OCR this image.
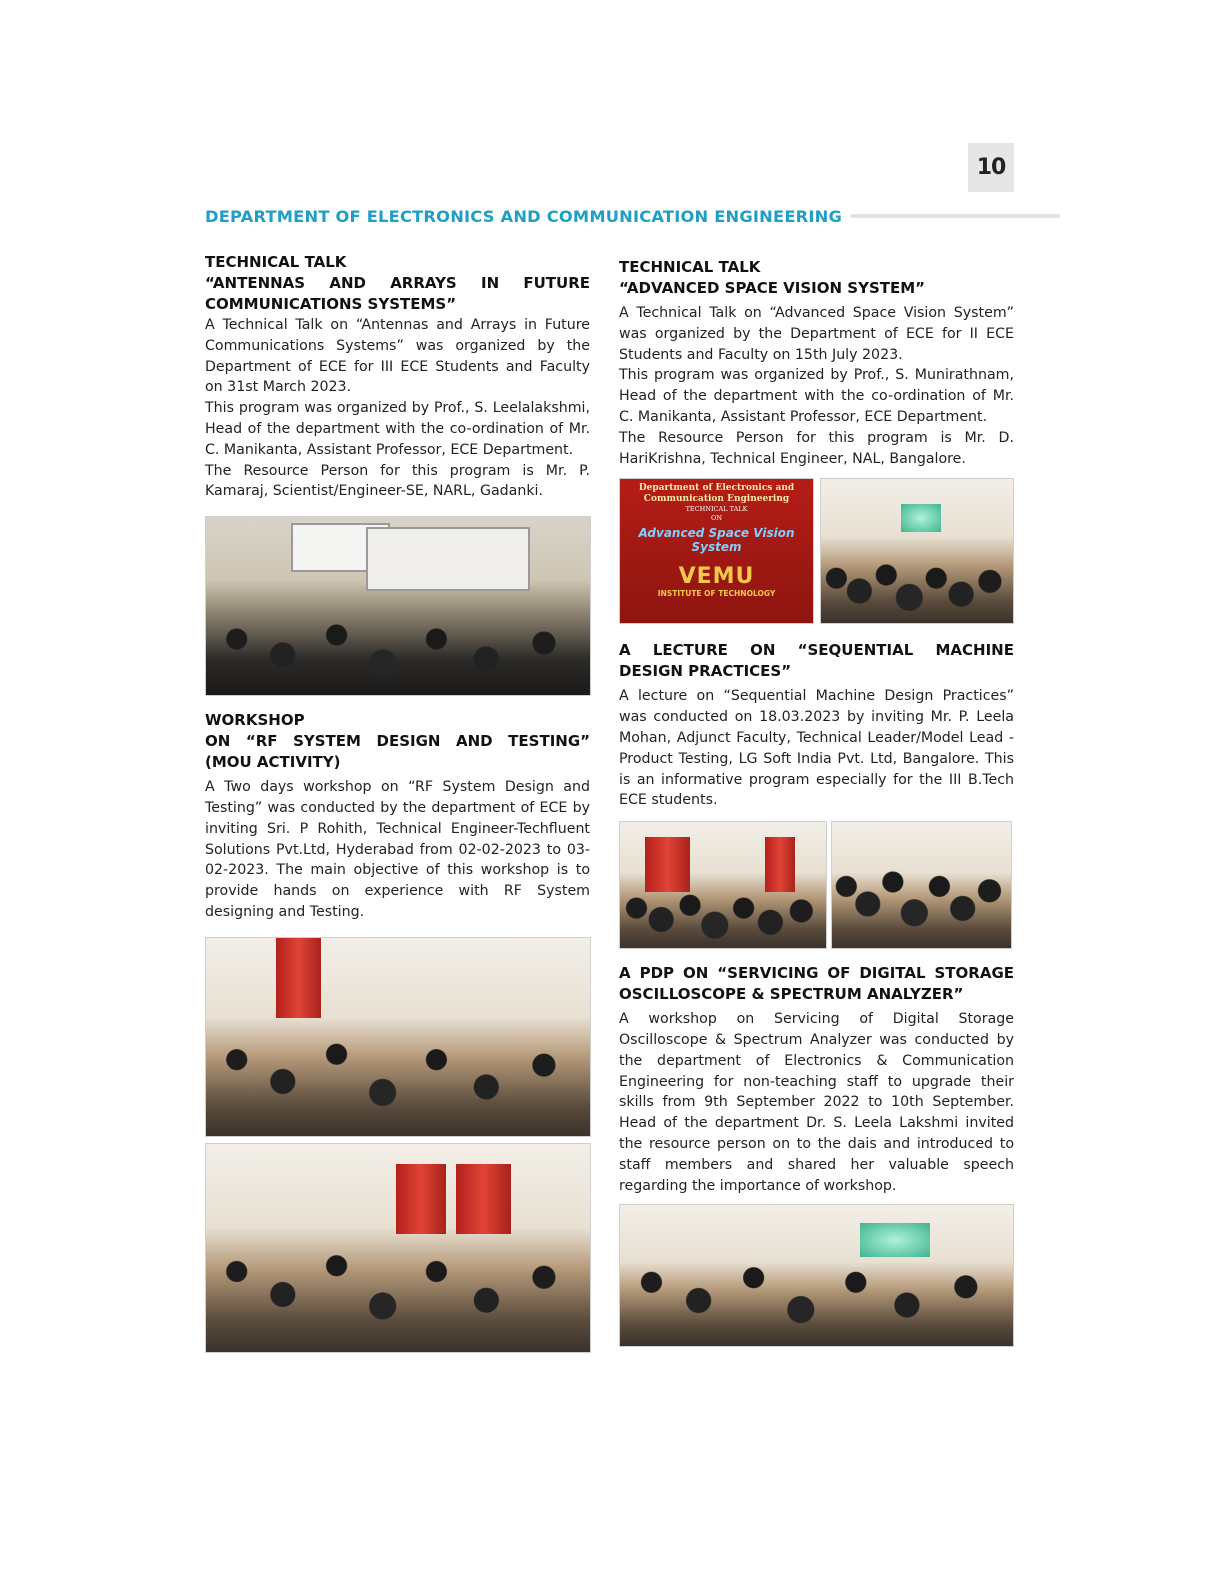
10
DEPARTMENT OF ELECTRONICS AND COMMUNICATION ENGINEERING

TECHNICAL TALK

“ANTENNAS AND ARRAYS IN FUTURE COMMUNICATIONS SYSTEMS”

A Technical Talk on “Antennas and Arrays in Future Communications Systems” was organized by the Department of ECE for III ECE Students and Faculty on 31st March 2023.

This program was organized by Prof., S. Leelalakshmi, Head of the department with the co-ordination of Mr. C. Manikanta, Assistant Professor, ECE Department.

The Resource Person for this program is Mr. P. Kamaraj, Scientist/Engineer-SE, NARL, Gadanki.

WORKSHOP

ON “RF SYSTEM DESIGN AND TESTING” (MOU ACTIVITY)

A Two days workshop on “RF System Design and Testing” was conducted by the department of ECE by inviting Sri. P Rohith, Technical Engineer-Techfluent Solutions Pvt.Ltd, Hyderabad from 02-02-2023 to 03-02-2023. The main objective of this workshop is to provide hands on experience with RF System designing and Testing.

TECHNICAL TALK

“ADVANCED SPACE VISION SYSTEM”

A Technical Talk on “Advanced Space Vision System” was organized by the Department of ECE for II ECE Students and Faculty on 15th July 2023.

This program was organized by Prof., S. Munirathnam, Head of the department with the co-ordination of Mr. C. Manikanta, Assistant Professor, ECE Department.

The Resource Person for this program is Mr. D. HariKrishna, Technical Engineer, NAL, Bangalore.

Department of Electronics and
Communication Engineering
TECHNICAL TALK
ON
Advanced Space Vision System
VEMU
INSTITUTE OF TECHNOLOGY

A LECTURE ON “SEQUENTIAL MACHINE DESIGN PRACTICES”

A lecture on “Sequential Machine Design Practices” was conducted on 18.03.2023 by inviting Mr. P. Leela Mohan, Adjunct Faculty, Technical Leader/Model Lead - Product Testing, LG Soft India Pvt. Ltd, Bangalore. This is an informative program especially for the III B.Tech ECE students.

A PDP ON “SERVICING OF DIGITAL STORAGE OSCILLOSCOPE & SPECTRUM ANALYZER”

A workshop on Servicing of Digital Storage Oscilloscope & Spectrum Analyzer was conducted by the department of Electronics & Communication Engineering for non-teaching staff to upgrade their skills from 9th September 2022 to 10th September. Head of the department Dr. S. Leela Lakshmi invited the resource person on to the dais and introduced to staff members and shared her valuable speech regarding the importance of workshop.
